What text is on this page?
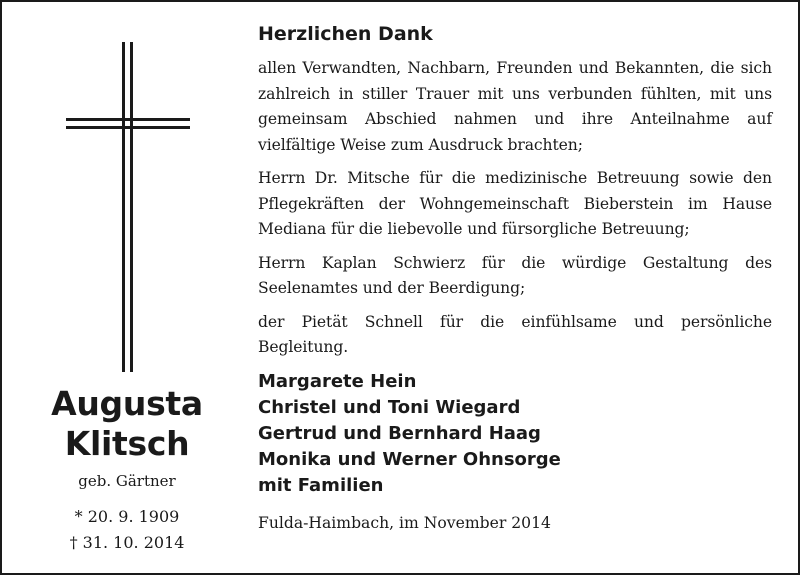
Augusta
Klitsch
geb. Gärtner
* 20. 9. 1909
† 31. 10. 2014
Herzlichen Dank

allen Verwandten, Nachbarn, Freunden und Bekannten, die sich zahlreich in stiller Trauer mit uns verbunden fühlten, mit uns gemeinsam Abschied nahmen und ihre Anteilnahme auf vielfältige Weise zum Ausdruck brachten;

Herrn Dr. Mitsche für die medizinische Betreuung sowie den Pflegekräften der Wohngemeinschaft Bieberstein im Hause Mediana für die liebevolle und fürsorgliche Betreuung;

Herrn Kaplan Schwierz für die würdige Gestaltung des Seelenamtes und der Beerdigung;

der Pietät Schnell für die einfühlsame und persönliche Begleitung.

Margarete Hein
Christel und Toni Wiegard
Gertrud und Bernhard Haag
Monika und Werner Ohnsorge
mit Familien
Fulda-Haimbach, im November 2014
